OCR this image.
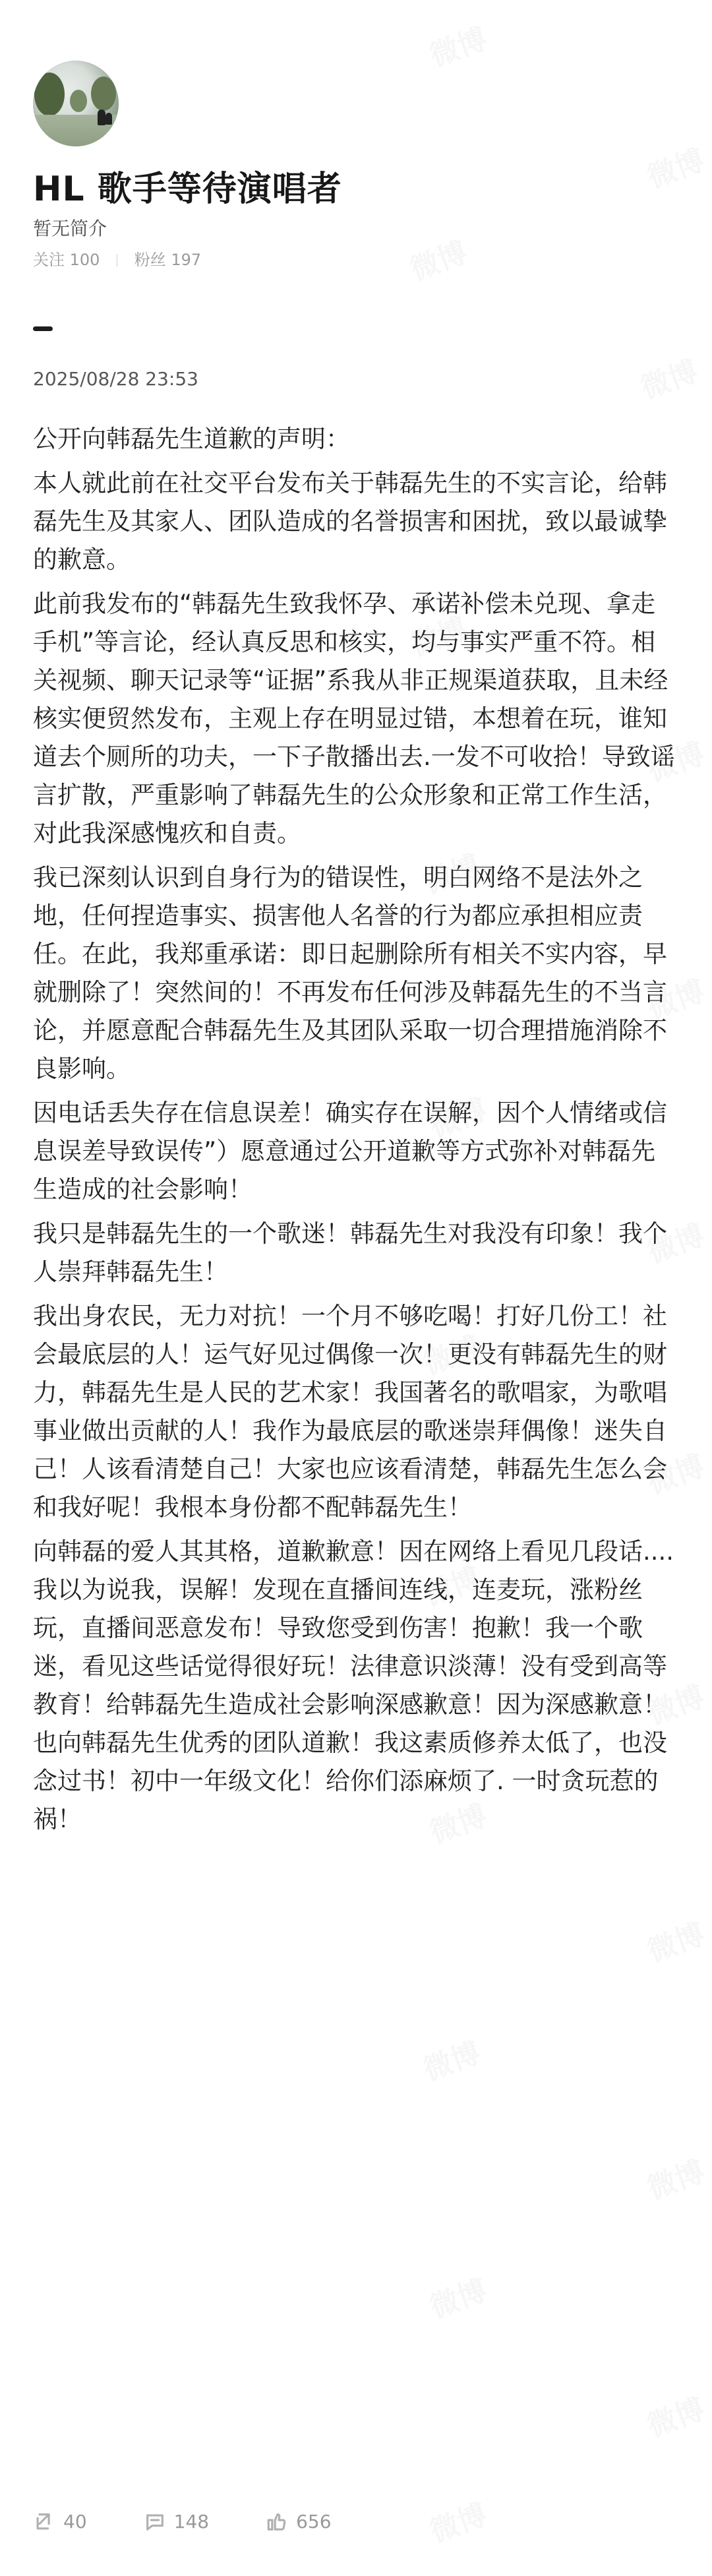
HL 歌手等待演唱者
暂无简介
关注 100 粉丝 197
2025/08/28 23:53

公开向韩磊先生道歉的声明：

本人就此前在社交平台发布关于韩磊先生的不实言论，给韩磊先生及其家人、团队造成的名誉损害和困扰，致以最诚挚的歉意。

此前我发布的“韩磊先生致我怀孕、承诺补偿未兑现、拿走手机”等言论，经认真反思和核实，均与事实严重不符。相关视频、聊天记录等“证据”系我从非正规渠道获取，且未经核实便贸然发布，主观上存在明显过错，本想着在玩，谁知道去个厕所的功夫，一下子散播出去.一发不可收拾！导致谣言扩散，严重影响了韩磊先生的公众形象和正常工作生活，对此我深感愧疚和自责。

我已深刻认识到自身行为的错误性，明白网络不是法外之地，任何捏造事实、损害他人名誉的行为都应承担相应责任。在此，我郑重承诺：即日起删除所有相关不实内容，早就删除了！突然间的！不再发布任何涉及韩磊先生的不当言论，并愿意配合韩磊先生及其团队采取一切合理措施消除不良影响。

因电话丢失存在信息误差！确实存在误解，因个人情绪或信息误差导致误传”）愿意通过公开道歉等方式弥补对韩磊先生造成的社会影响！

我只是韩磊先生的一个歌迷！韩磊先生对我没有印象！我个人崇拜韩磊先生！

我出身农民，无力对抗！一个月不够吃喝！打好几份工！社会最底层的人！运气好见过偶像一次！更没有韩磊先生的财力，韩磊先生是人民的艺术家！我国著名的歌唱家，为歌唱事业做出贡献的人！我作为最底层的歌迷崇拜偶像！迷失自己！人该看清楚自己！大家也应该看清楚，韩磊先生怎么会和我好呢！我根本身份都不配韩磊先生！

向韩磊的爱人其其格，道歉歉意！因在网络上看见几段话....我以为说我，误解！发现在直播间连线，连麦玩，涨粉丝玩，直播间恶意发布！导致您受到伤害！抱歉！我一个歌迷，看见这些话觉得很好玩！法律意识淡薄！没有受到高等教育！给韩磊先生造成社会影响深感歉意！因为深感歉意！也向韩磊先生优秀的团队道歉！我这素质修养太低了，也没念过书！初中一年级文化！给你们添麻烦了. 一时贪玩惹的祸！

40	148	656
